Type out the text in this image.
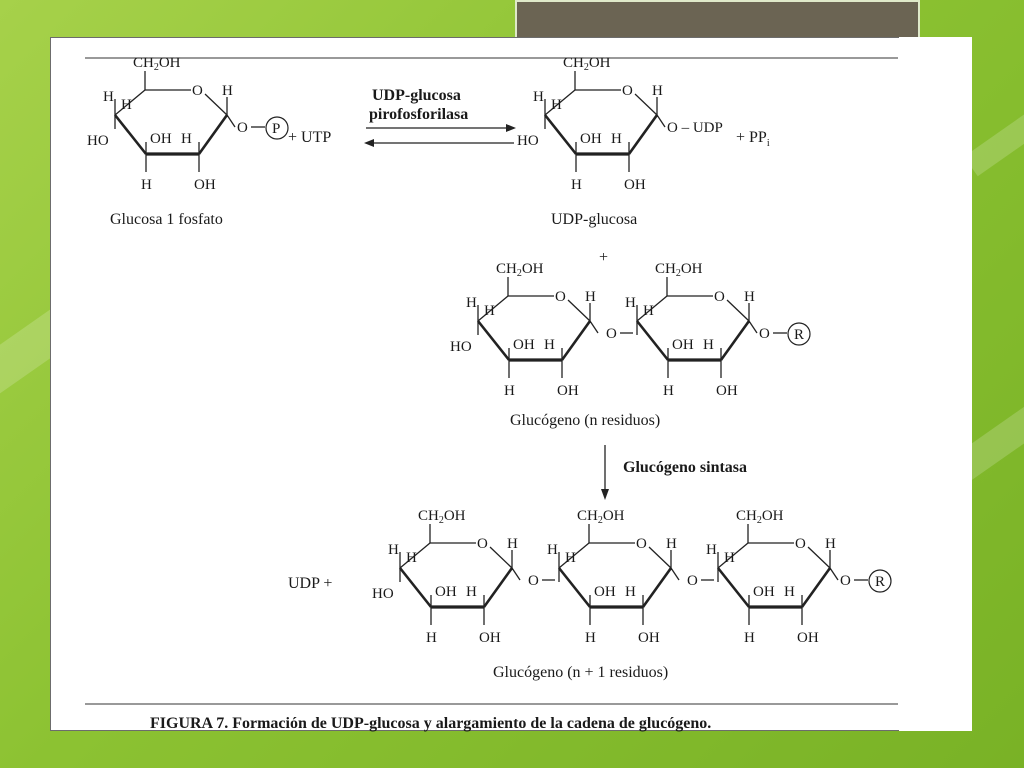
O
$CH_2OH$
H H
HO	OH
H
H
OH
H
O P
O
$CH_2OH$
H H
HO	OH
H
H
OH
H
O – UDP
O
$CH_2OH$
H H
HO	OH
H
H
OH
H
O
O
$CH_2OH$
H H
OH
H
H
OH
H
O R
O
$CH_2OH$
H H
HO	OH
H
H
OH
H
O
O
$CH_2OH$
H H
OH
H
H
OH
H
O
O
$CH_2OH$
H H
OH
H
H
OH
H
O R
UDP-glucosa
pirofosforilasa
+ UTP	+ $PP_i$
Glucosa 1 fosfato	UDP-glucosa
+
Glucógeno (n residuos)
Glucógeno sintasa
UDP +
Glucógeno (n + 1 residuos)
FIGURA 7. Formación de UDP-glucosa y alargamiento de la cadena de glucógeno.
